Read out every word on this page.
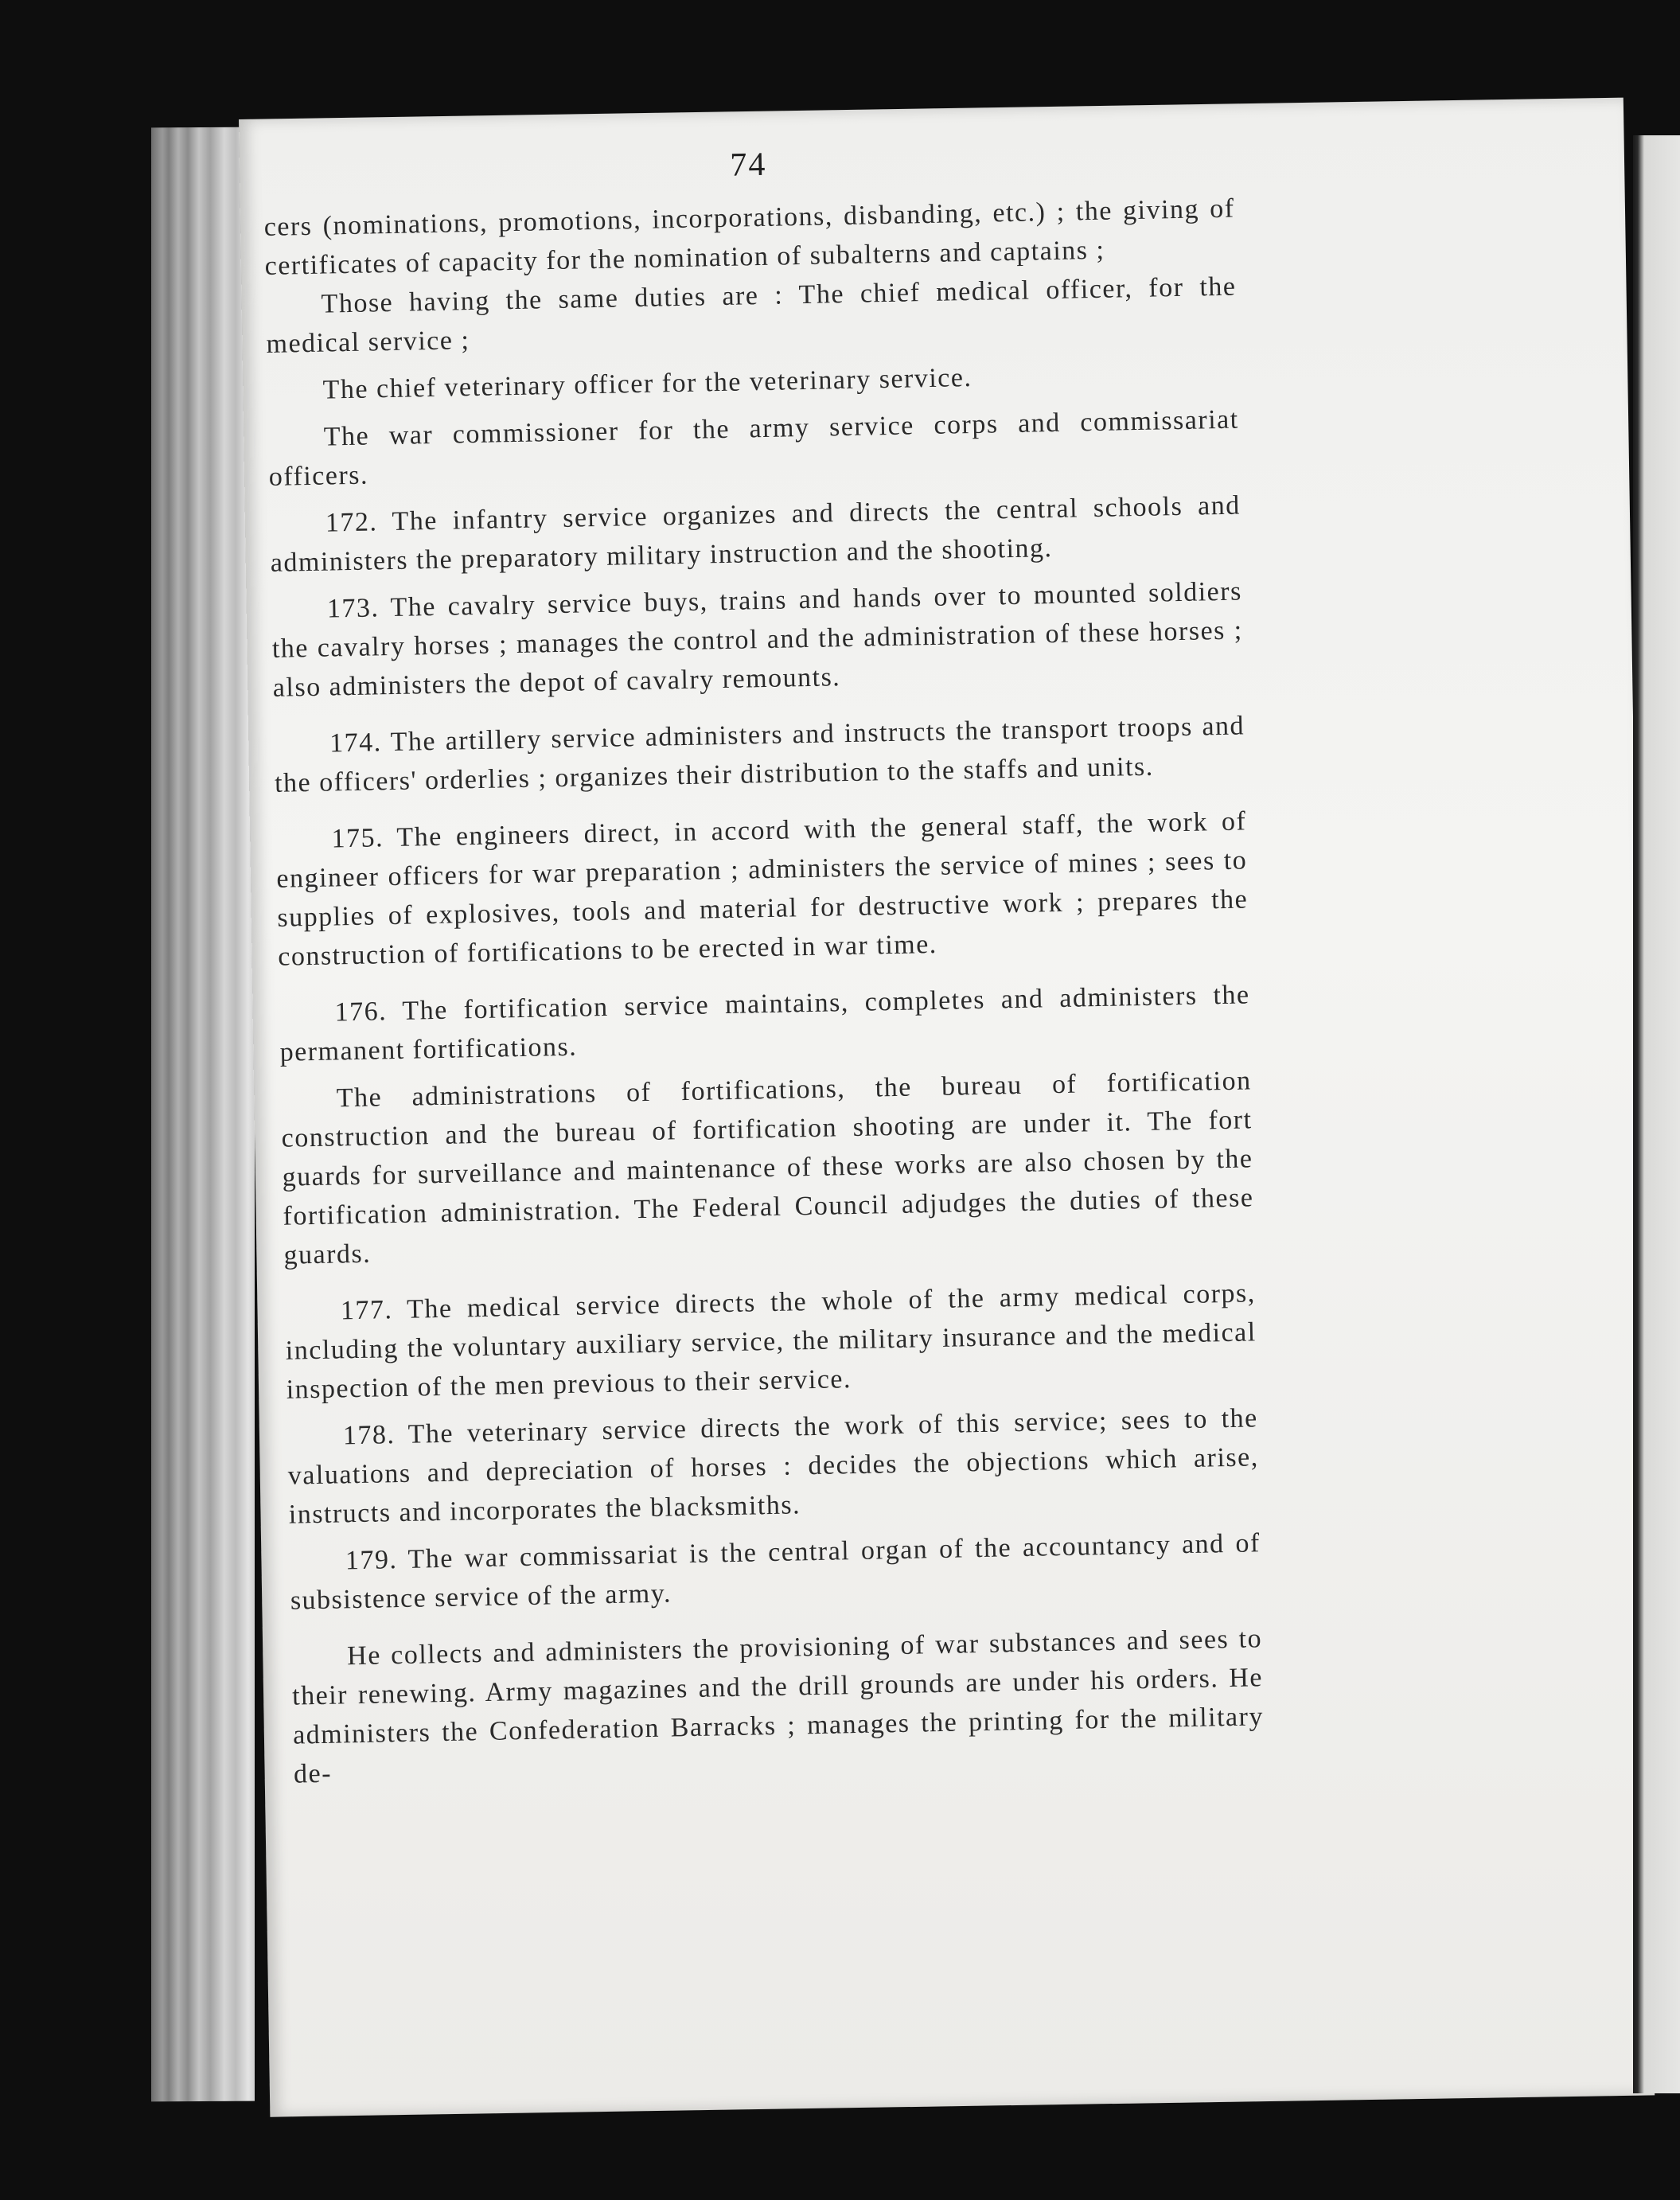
74

cers (nominations, promotions, incorporations, disbanding, etc.) ; the giving of certificates of capacity for the nomination of subalterns and captains ;

Those having the same duties are : The chief medical officer, for the medical service ;

The chief veterinary officer for the veterinary service.

The war commissioner for the army service corps and commissariat officers.

172. The infantry service organizes and directs the central schools and administers the preparatory military instruction and the shooting.

173. The cavalry service buys, trains and hands over to mounted soldiers the cavalry horses ; manages the control and the administration of these horses ; also administers the depot of cavalry remounts.

174. The artillery service administers and instructs the transport troops and the officers' orderlies ; organizes their distribution to the staffs and units.

175. The engineers direct, in accord with the general staff, the work of engineer officers for war preparation ; administers the service of mines ; sees to supplies of explosives, tools and material for destructive work ; prepares the construction of fortifications to be erected in war time.

176. The fortification service maintains, completes and administers the permanent fortifications.

The administrations of fortifications, the bureau of fortification construction and the bureau of fortification shooting are under it. The fort guards for surveillance and maintenance of these works are also chosen by the fortification administration. The Federal Council adjudges the duties of these guards.

177. The medical service directs the whole of the army medical corps, including the voluntary auxiliary service, the military insurance and the medical inspection of the men previous to their service.

178. The veterinary service directs the work of this service; sees to the valuations and depreciation of horses : decides the objections which arise, instructs and incorporates the blacksmiths.

179. The war commissariat is the central organ of the accountancy and of subsistence service of the army.

He collects and administers the provisioning of war substances and sees to their renewing. Army magazines and the drill grounds are under his orders. He administers the Confederation Barracks ; manages the printing for the military de-
